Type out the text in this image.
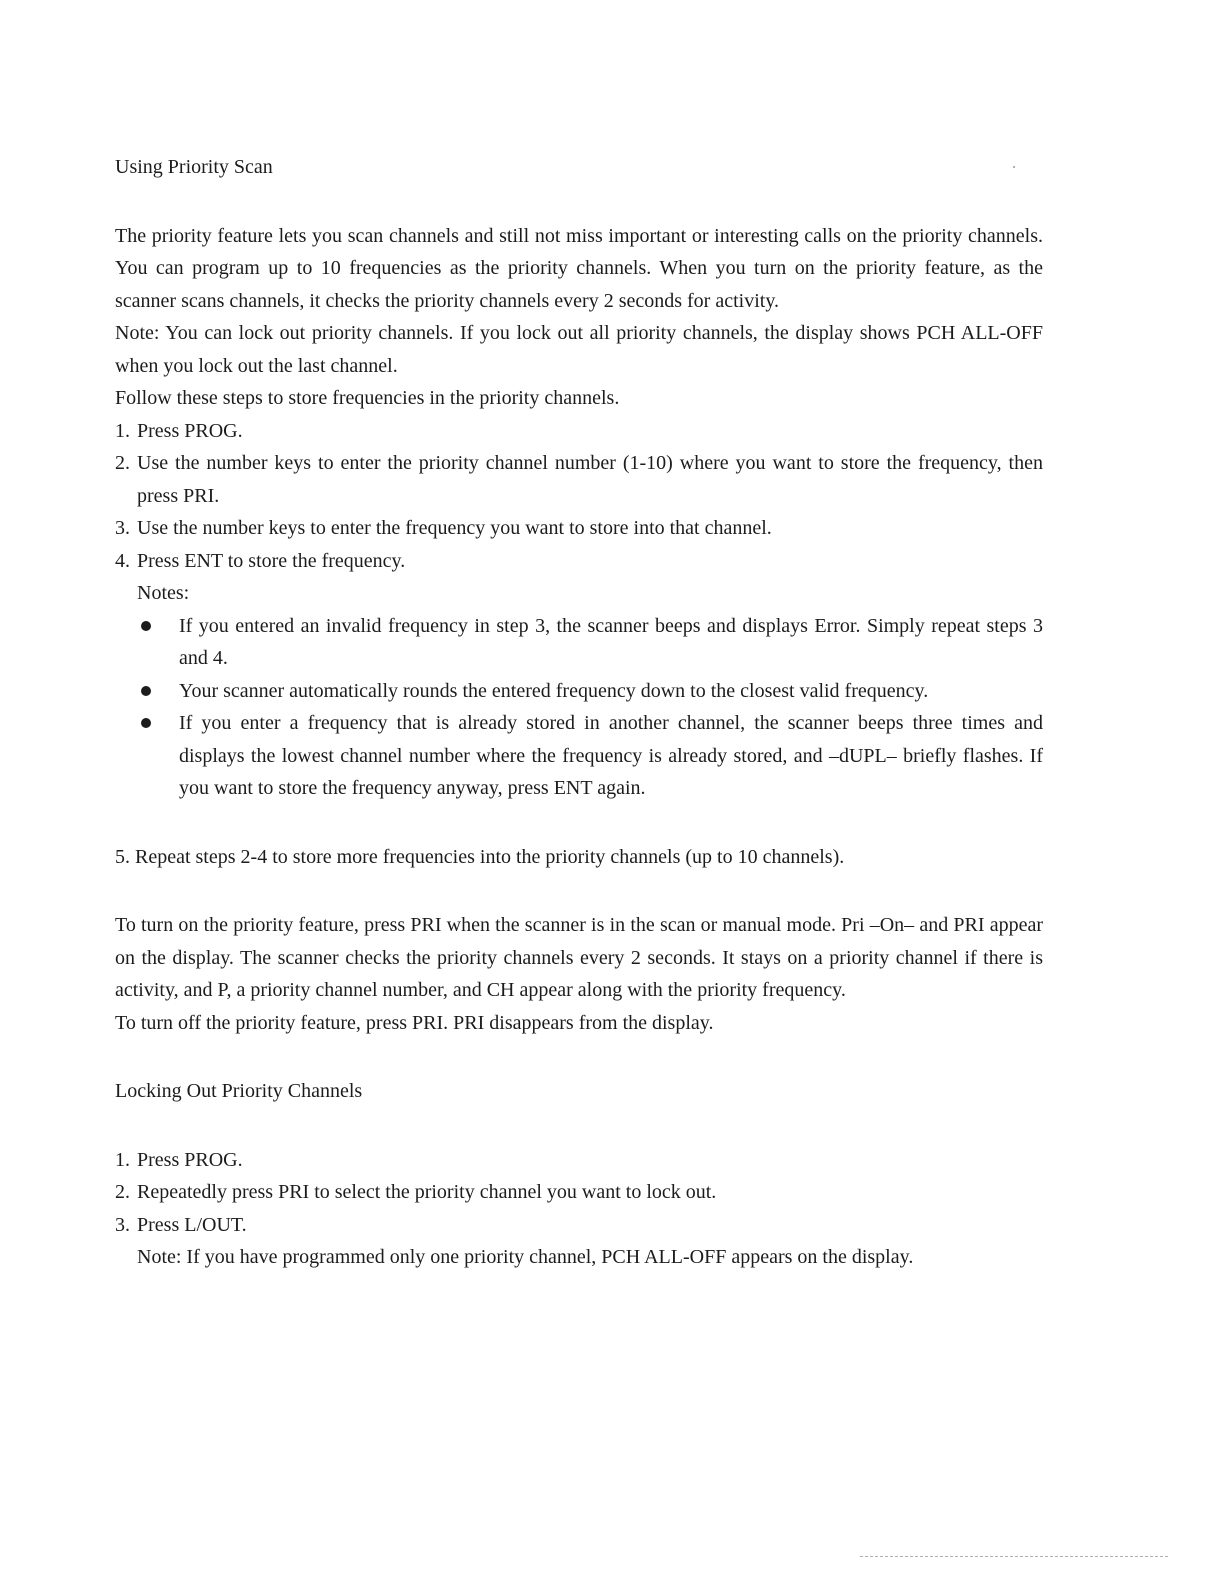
Using Priority Scan

The priority feature lets you scan channels and still not miss important or interesting calls on the priority channels. You can program up to 10 frequencies as the priority channels. When you turn on the priority feature, as the scanner scans channels, it checks the priority channels every 2 seconds for activity.

Note: You can lock out priority channels. If you lock out all priority channels, the display shows PCH ALL-OFF when you lock out the last channel.

Follow these steps to store frequencies in the priority channels.

1. Press PROG.
2. Use the number keys to enter the priority channel number (1-10) where you want to store the frequency, then press PRI.
3. Use the number keys to enter the frequency you want to store into that channel.
4. Press ENT to store the frequency.

Notes:

If you entered an invalid frequency in step 3, the scanner beeps and displays Error. Simply repeat steps 3 and 4.
Your scanner automatically rounds the entered frequency down to the closest valid frequency.
If you enter a frequency that is already stored in another channel, the scanner beeps three times and displays the lowest channel number where the frequency is already stored, and –dUPL– briefly flashes. If you want to store the frequency anyway, press ENT again.

5. Repeat steps 2-4 to store more frequencies into the priority channels (up to 10 channels).

To turn on the priority feature, press PRI when the scanner is in the scan or manual mode. Pri –On– and PRI appear on the display. The scanner checks the priority channels every 2 seconds. It stays on a priority channel if there is activity, and P, a priority channel number, and CH appear along with the priority frequency.

To turn off the priority feature, press PRI. PRI disappears from the display.

Locking Out Priority Channels
1. Press PROG.
2. Repeatedly press PRI to select the priority channel you want to lock out.
3. Press L/OUT.

Note: If you have programmed only one priority channel, PCH ALL-OFF appears on the display.
